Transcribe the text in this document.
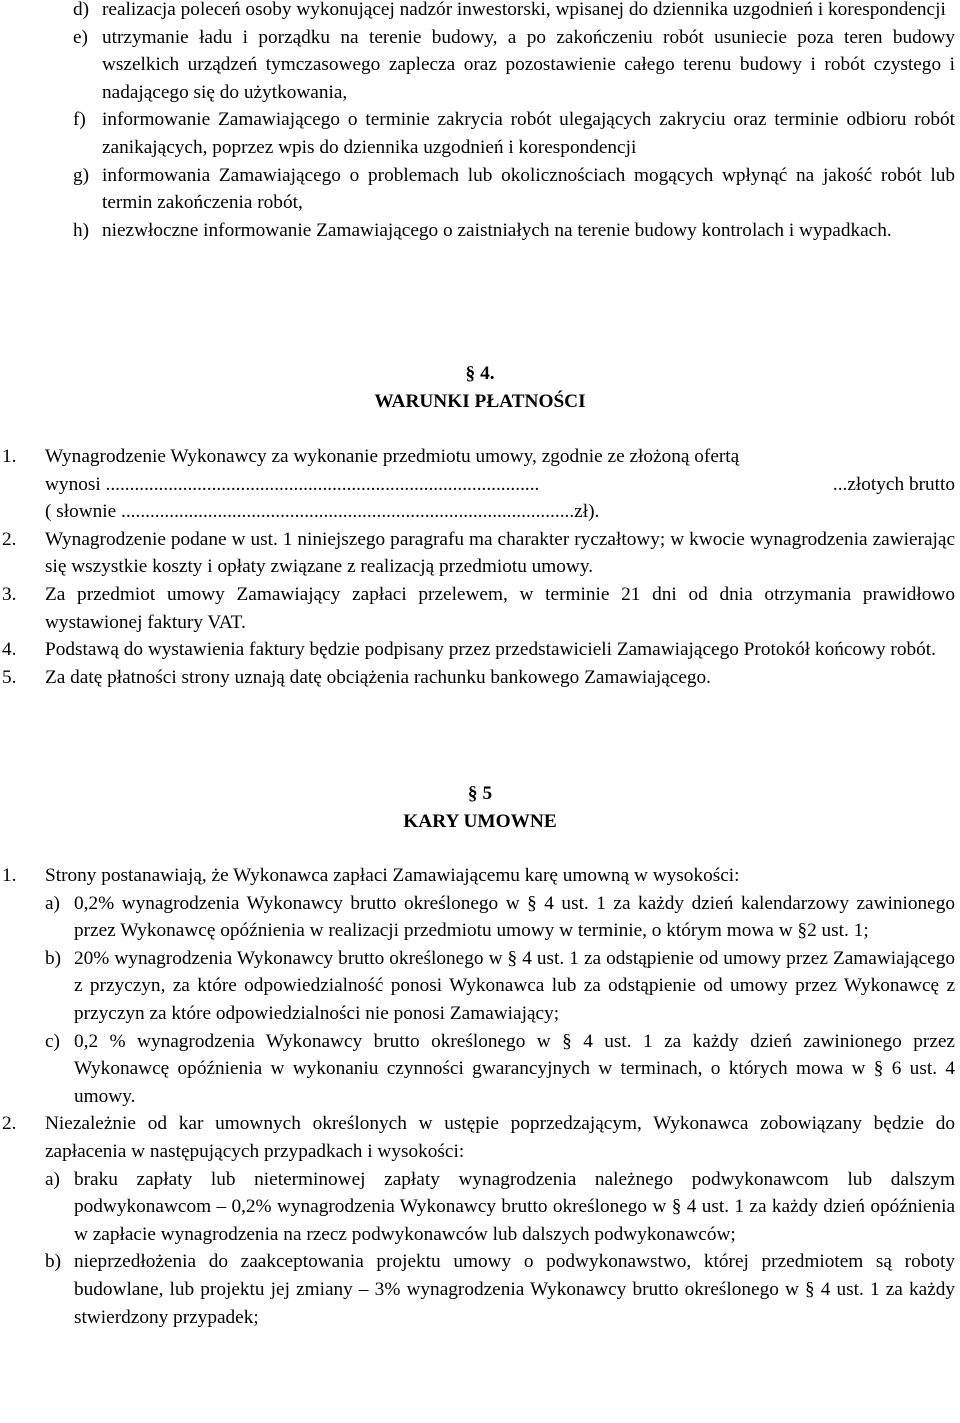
d) realizacja poleceń osoby wykonującej nadzór inwestorski, wpisanej do dziennika uzgodnień i korespondencji
e) utrzymanie ładu i porządku na terenie budowy, a po zakończeniu robót usuniecie poza teren budowy wszelkich urządzeń tymczasowego zaplecza oraz pozostawienie całego terenu budowy i robót czystego i nadającego się do użytkowania,
f) informowanie Zamawiającego o terminie zakrycia robót ulegających zakryciu oraz terminie odbioru robót zanikających, poprzez wpis do dziennika uzgodnień i korespondencji
g) informowania Zamawiającego o problemach lub okolicznościach mogących wpłynąć na jakość robót lub termin zakończenia robót,
h) niezwłoczne informowanie Zamawiającego o zaistniałych na terenie budowy kontrolach i wypadkach.
§ 4.
WARUNKI PŁATNOŚCI
1.	Wynagrodzenie Wykonawcy za wykonanie przedmiotu umowy, zgodnie ze złożoną ofertą
wynosi ..........................................................................................	...złotych brutto
( słownie ..............................................................................................zł).
2.	Wynagrodzenie podane w ust. 1 niniejszego paragrafu ma charakter ryczałtowy; w kwocie wynagrodzenia zawierając się wszystkie koszty i opłaty związane z realizacją przedmiotu umowy.
3.	Za przedmiot umowy Zamawiający zapłaci przelewem, w terminie 21 dni od dnia otrzymania prawidłowo wystawionej faktury VAT.
4.	Podstawą do wystawienia faktury będzie podpisany przez przedstawicieli Zamawiającego Protokół końcowy robót.
5.	Za datę płatności strony uznają datę obciążenia rachunku bankowego Zamawiającego.
§ 5
KARY UMOWNE
1.	Strony postanawiają, że Wykonawca zapłaci Zamawiającemu karę umowną w wysokości:
a) 0,2% wynagrodzenia Wykonawcy brutto określonego w § 4 ust. 1 za każdy dzień kalendarzowy zawinionego przez Wykonawcę opóźnienia w realizacji przedmiotu umowy w terminie, o którym mowa w §2 ust. 1;
b) 20% wynagrodzenia Wykonawcy brutto określonego w § 4 ust. 1 za odstąpienie od umowy przez Zamawiającego z przyczyn, za które odpowiedzialność ponosi Wykonawca lub za odstąpienie od umowy przez Wykonawcę z przyczyn za które odpowiedzialności nie ponosi Zamawiający;
c) 0,2 % wynagrodzenia Wykonawcy brutto określonego w § 4 ust. 1 za każdy dzień zawinionego przez Wykonawcę opóźnienia w wykonaniu czynności gwarancyjnych w terminach, o których mowa w § 6 ust. 4 umowy.
2.	Niezależnie od kar umownych określonych w ustępie poprzedzającym, Wykonawca zobowiązany będzie do zapłacenia w następujących przypadkach i wysokości:
a) braku zapłaty lub nieterminowej zapłaty wynagrodzenia należnego podwykonawcom lub dalszym podwykonawcom – 0,2% wynagrodzenia Wykonawcy brutto określonego w § 4 ust. 1 za każdy dzień opóźnienia w zapłacie wynagrodzenia na rzecz podwykonawców lub dalszych podwykonawców;
b) nieprzedłożenia do zaakceptowania projektu umowy o podwykonawstwo, której przedmiotem są roboty budowlane, lub projektu jej zmiany – 3% wynagrodzenia Wykonawcy brutto określonego w § 4 ust. 1 za każdy stwierdzony przypadek;
